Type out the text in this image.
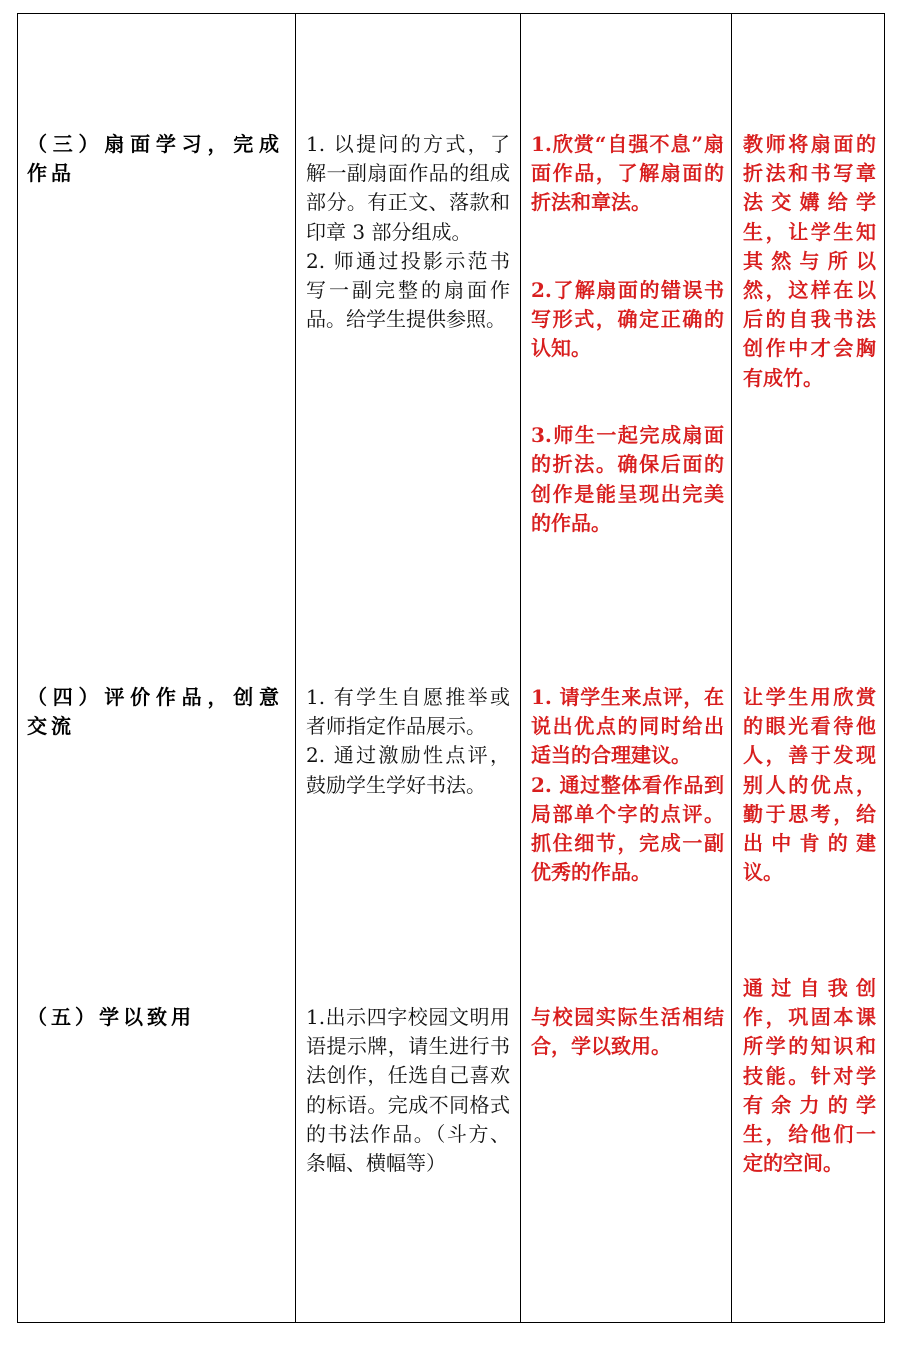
（三）扇面学习，完成作品

1. 以提问的方式，了解一副扇面作品的组成部分。有正文、落款和印章 3 部分组成。

2. 师通过投影示范书写一副完整的扇面作品。给学生提供参照。

1.欣赏“自强不息”扇面作品，了解扇面的折法和章法。

2.了解扇面的错误书写形式，确定正确的认知。

3.师生一起完成扇面的折法。确保后面的创作是能呈现出完美的作品。

教师将扇面的折法和书写章法交媾给学生，让学生知其然与所以然，这样在以后的自我书法创作中才会胸有成竹。
（四）评价作品，创意交流

1. 有学生自愿推举或者师指定作品展示。

2. 通过激励性点评，鼓励学生学好书法。

1. 请学生来点评，在说出优点的同时给出适当的合理建议。

2. 通过整体看作品到局部单个字的点评。抓住细节，完成一副优秀的作品。

让学生用欣赏的眼光看待他人，善于发现别人的优点，勤于思考，给出中肯的建议。
（五）学以致用	1.出示四字校园文明用语提示牌，请生进行书法创作，任选自己喜欢的标语。完成不同格式的书法作品。（斗方、条幅、横幅等）

与校园实际生活相结合，学以致用。

通过自我创作，巩固本课所学的知识和技能。针对学有余力的学生，给他们一定的空间。
